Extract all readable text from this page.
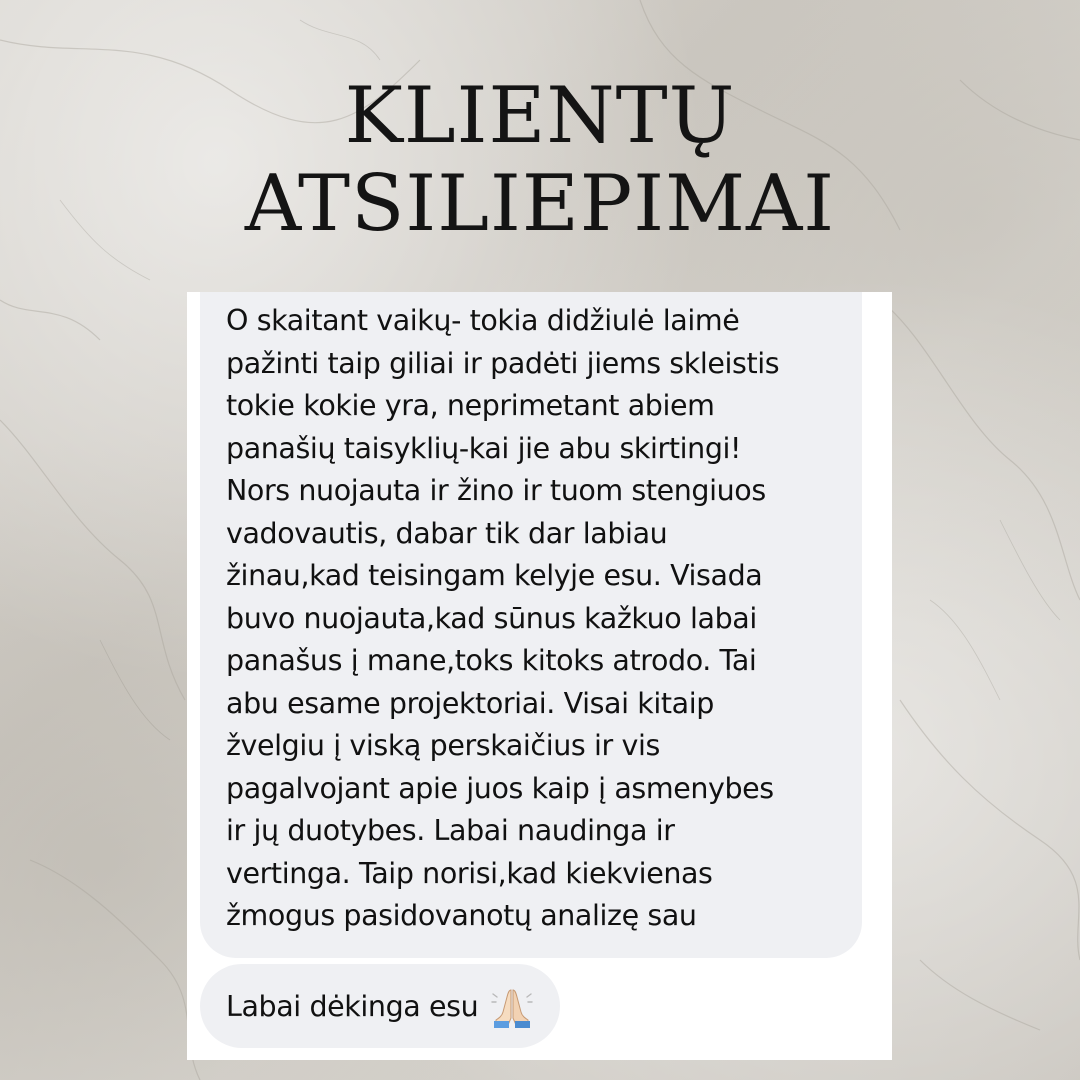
KLIENTŲ
ATSILIEPIMAI

O skaitant vaikų- tokia didžiulė laimė
pažinti taip giliai ir padėti jiems skleistis
tokie kokie yra, neprimetant abiem
panašių taisyklių-kai jie abu skirtingi!
Nors nuojauta ir žino ir tuom stengiuos
vadovautis, dabar tik dar labiau
žinau,kad teisingam kelyje esu. Visada
buvo nuojauta,kad sūnus kažkuo labai
panašus į mane,toks kitoks atrodo. Tai
abu esame projektoriai. Visai kitaip
žvelgiu į viską perskaičius ir vis
pagalvojant apie juos kaip į asmenybes
ir jų duotybes. Labai naudinga ir
vertinga. Taip norisi,kad kiekvienas
žmogus pasidovanotų analizę sau

Labai dėkinga esu
